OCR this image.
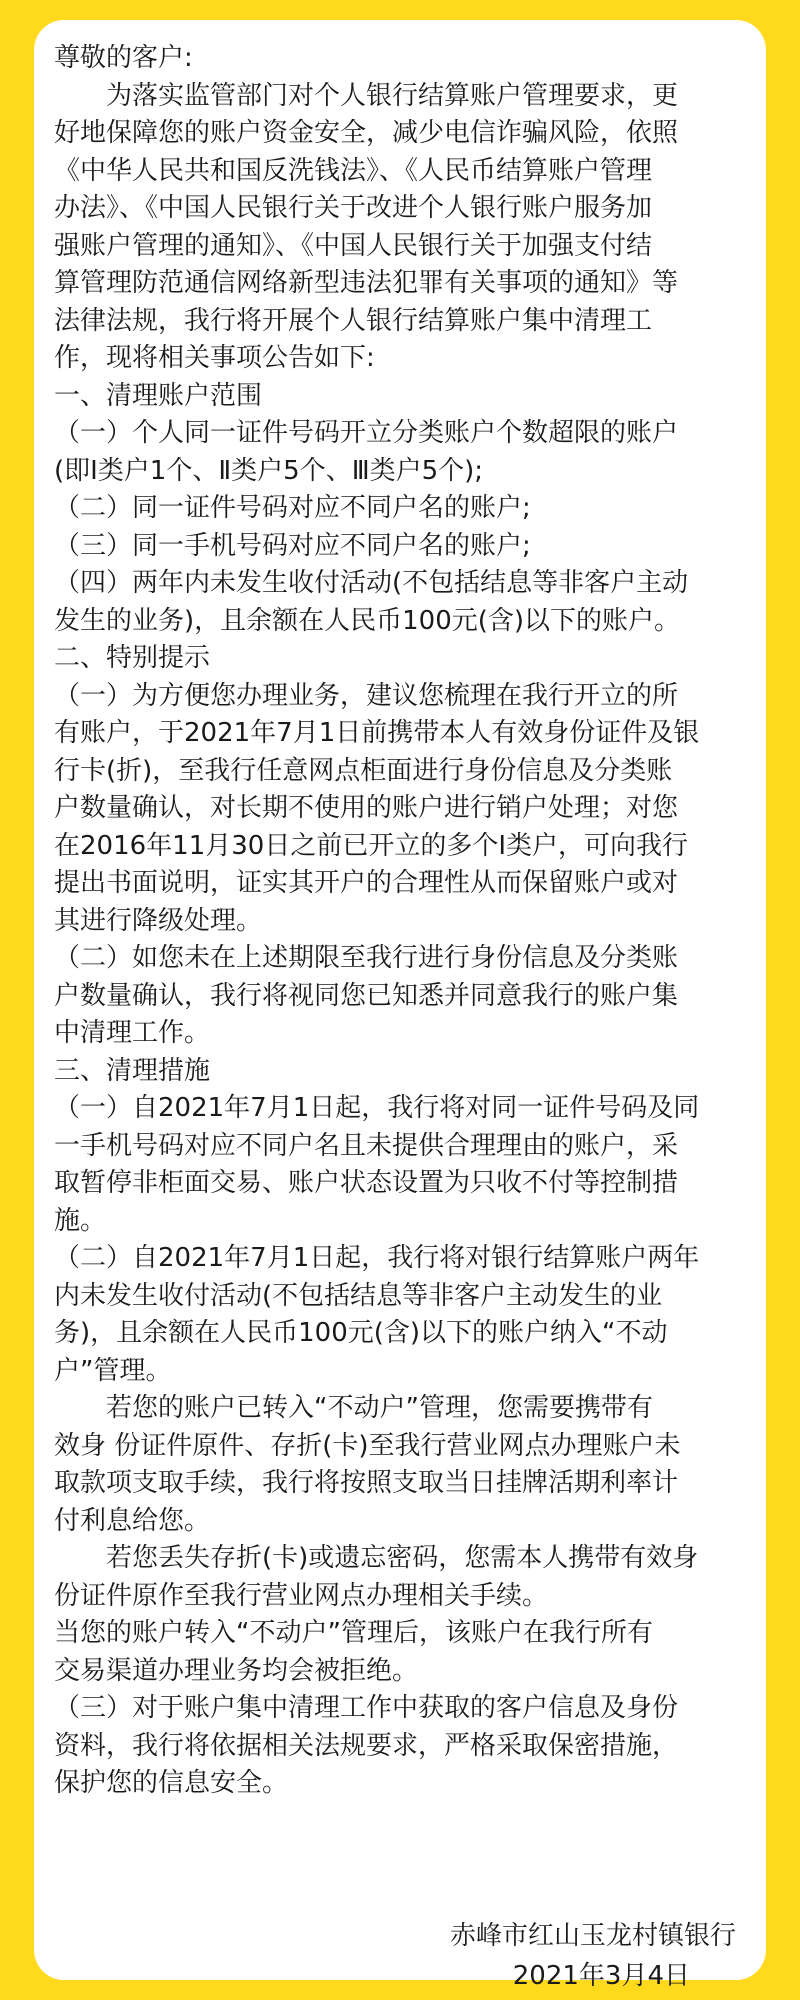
尊敬的客户:
为落实监管部门对个人银行结算账户管理要求，更
好地保障您的账户资金安全，减少电信诈骗风险，依照
《中华人民共和国反洗钱法》、《人民币结算账户管理
办法》、《中国人民银行关于改进个人银行账户服务加
强账户管理的通知》、《中国人民银行关于加强支付结
算管理防范通信网络新型违法犯罪有关事项的通知》等
法律法规，我行将开展个人银行结算账户集中清理工
作，现将相关事项公告如下:
一、清理账户范围
（一）个人同一证件号码开立分类账户个数超限的账户
(即Ⅰ类户1个、Ⅱ类户5个、Ⅲ类户5个);
（二）同一证件号码对应不同户名的账户;
（三）同一手机号码对应不同户名的账户;
（四）两年内未发生收付活动(不包括结息等非客户主动
发生的业务)，且余额在人民币100元(含)以下的账户。
二、特别提示
（一）为方便您办理业务，建议您梳理在我行开立的所
有账户，于2021年7月1日前携带本人有效身份证件及银
行卡(折)，至我行任意网点柜面进行身份信息及分类账
户数量确认，对长期不使用的账户进行销户处理；对您
在2016年11月30日之前已开立的多个Ⅰ类户，可向我行
提出书面说明，证实其开户的合理性从而保留账户或对
其进行降级处理。
（二）如您未在上述期限至我行进行身份信息及分类账
户数量确认，我行将视同您已知悉并同意我行的账户集
中清理工作。
三、清理措施
（一）自2021年7月1日起，我行将对同一证件号码及同
一手机号码对应不同户名且未提供合理理由的账户，采
取暂停非柜面交易、账户状态设置为只收不付等控制措
施。
（二）自2021年7月1日起，我行将对银行结算账户两年
内未发生收付活动(不包括结息等非客户主动发生的业
务)，且余额在人民币100元(含)以下的账户纳入“不动
户”管理。
若您的账户已转入“不动户”管理，您需要携带有
效身 份证件原件、存折(卡)至我行营业网点办理账户未
取款项支取手续，我行将按照支取当日挂牌活期利率计
付利息给您。
若您丢失存折(卡)或遗忘密码，您需本人携带有效身
份证件原作至我行营业网点办理相关手续。
当您的账户转入“不动户”管理后，该账户在我行所有
交易渠道办理业务均会被拒绝。
（三）对于账户集中清理工作中获取的客户信息及身份
资料，我行将依据相关法规要求，严格采取保密措施，
保护您的信息安全。
赤峰市红山玉龙村镇银行
2021年3月4日
